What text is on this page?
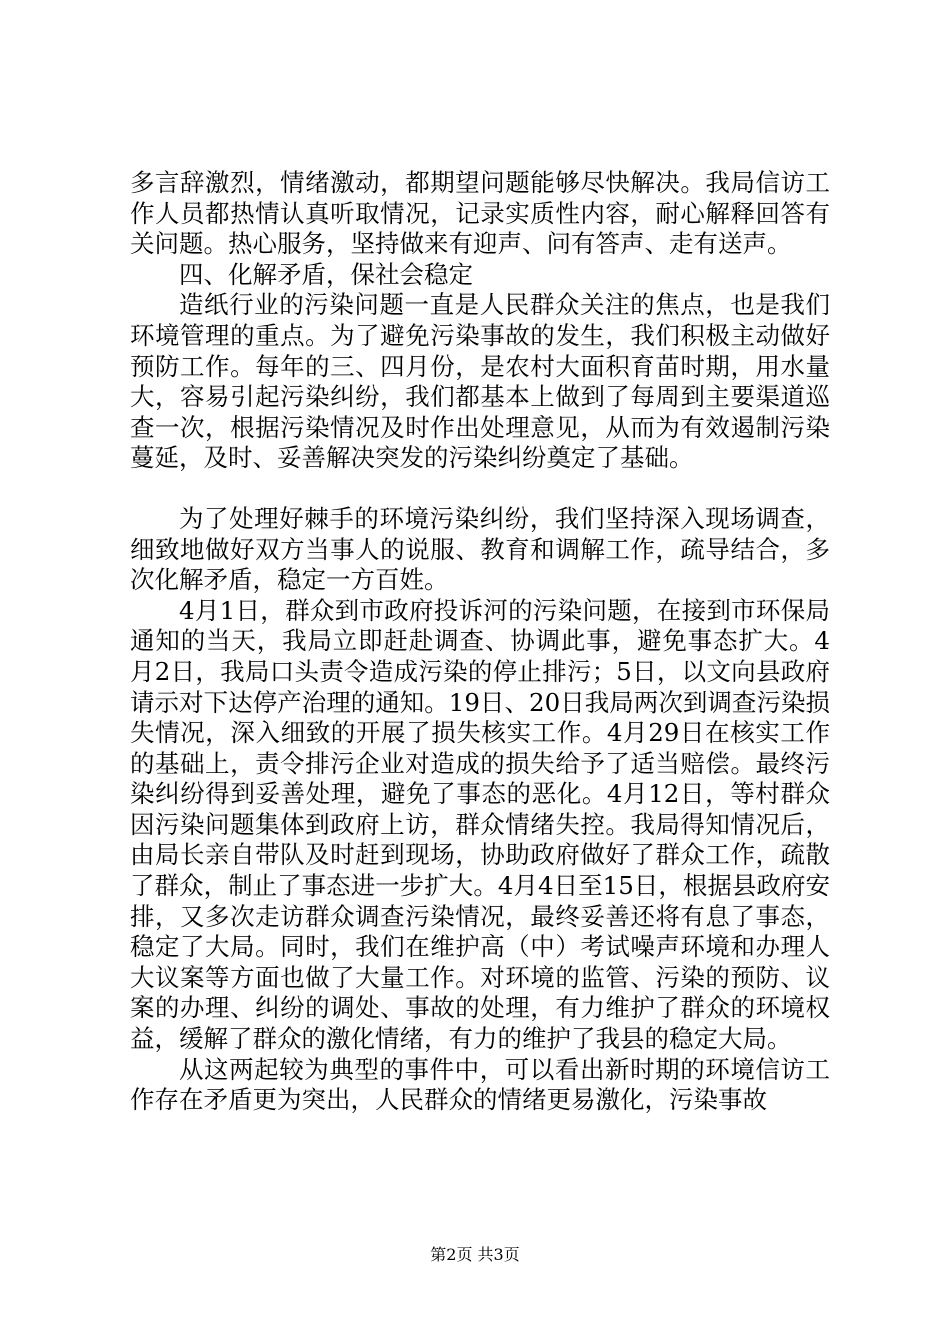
多言辞激烈，情绪激动，都期望问题能够尽快解决。我局信访工作人员都热情认真听取情况，记录实质性内容，耐心解释回答有关问题。热心服务，坚持做来有迎声、问有答声、走有送声。

四、化解矛盾，保社会稳定

造纸行业的污染问题一直是人民群众关注的焦点，也是我们环境管理的重点。为了避免污染事故的发生，我们积极主动做好预防工作。每年的三、四月份，是农村大面积育苗时期，用水量大，容易引起污染纠纷，我们都基本上做到了每周到主要渠道巡查一次，根据污染情况及时作出处理意见，从而为有效遏制污染蔓延，及时、妥善解决突发的污染纠纷奠定了基础。

为了处理好棘手的环境污染纠纷，我们坚持深入现场调查，细致地做好双方当事人的说服、教育和调解工作，疏导结合，多次化解矛盾，稳定一方百姓。

4月1日，群众到市政府投诉河的污染问题，在接到市环保局通知的当天，我局立即赶赴调查、协调此事，避免事态扩大。4月2日，我局口头责令造成污染的停止排污；5日，以文向县政府请示对下达停产治理的通知。19日、20日我局两次到调查污染损失情况，深入细致的开展了损失核实工作。4月29日在核实工作的基础上，责令排污企业对造成的损失给予了适当赔偿。最终污染纠纷得到妥善处理，避免了事态的恶化。4月12日，等村群众因污染问题集体到政府上访，群众情绪失控。我局得知情况后，由局长亲自带队及时赶到现场，协助政府做好了群众工作，疏散了群众，制止了事态进一步扩大。4月4日至15日，根据县政府安排，又多次走访群众调查污染情况，最终妥善还将有息了事态，稳定了大局。同时，我们在维护高（中）考试噪声环境和办理人大议案等方面也做了大量工作。对环境的监管、污染的预防、议案的办理、纠纷的调处、事故的处理，有力维护了群众的环境权益，缓解了群众的激化情绪，有力的维护了我县的稳定大局。

从这两起较为典型的事件中，可以看出新时期的环境信访工作存在矛盾更为突出，人民群众的情绪更易激化，污染事故

第2页 共3页
